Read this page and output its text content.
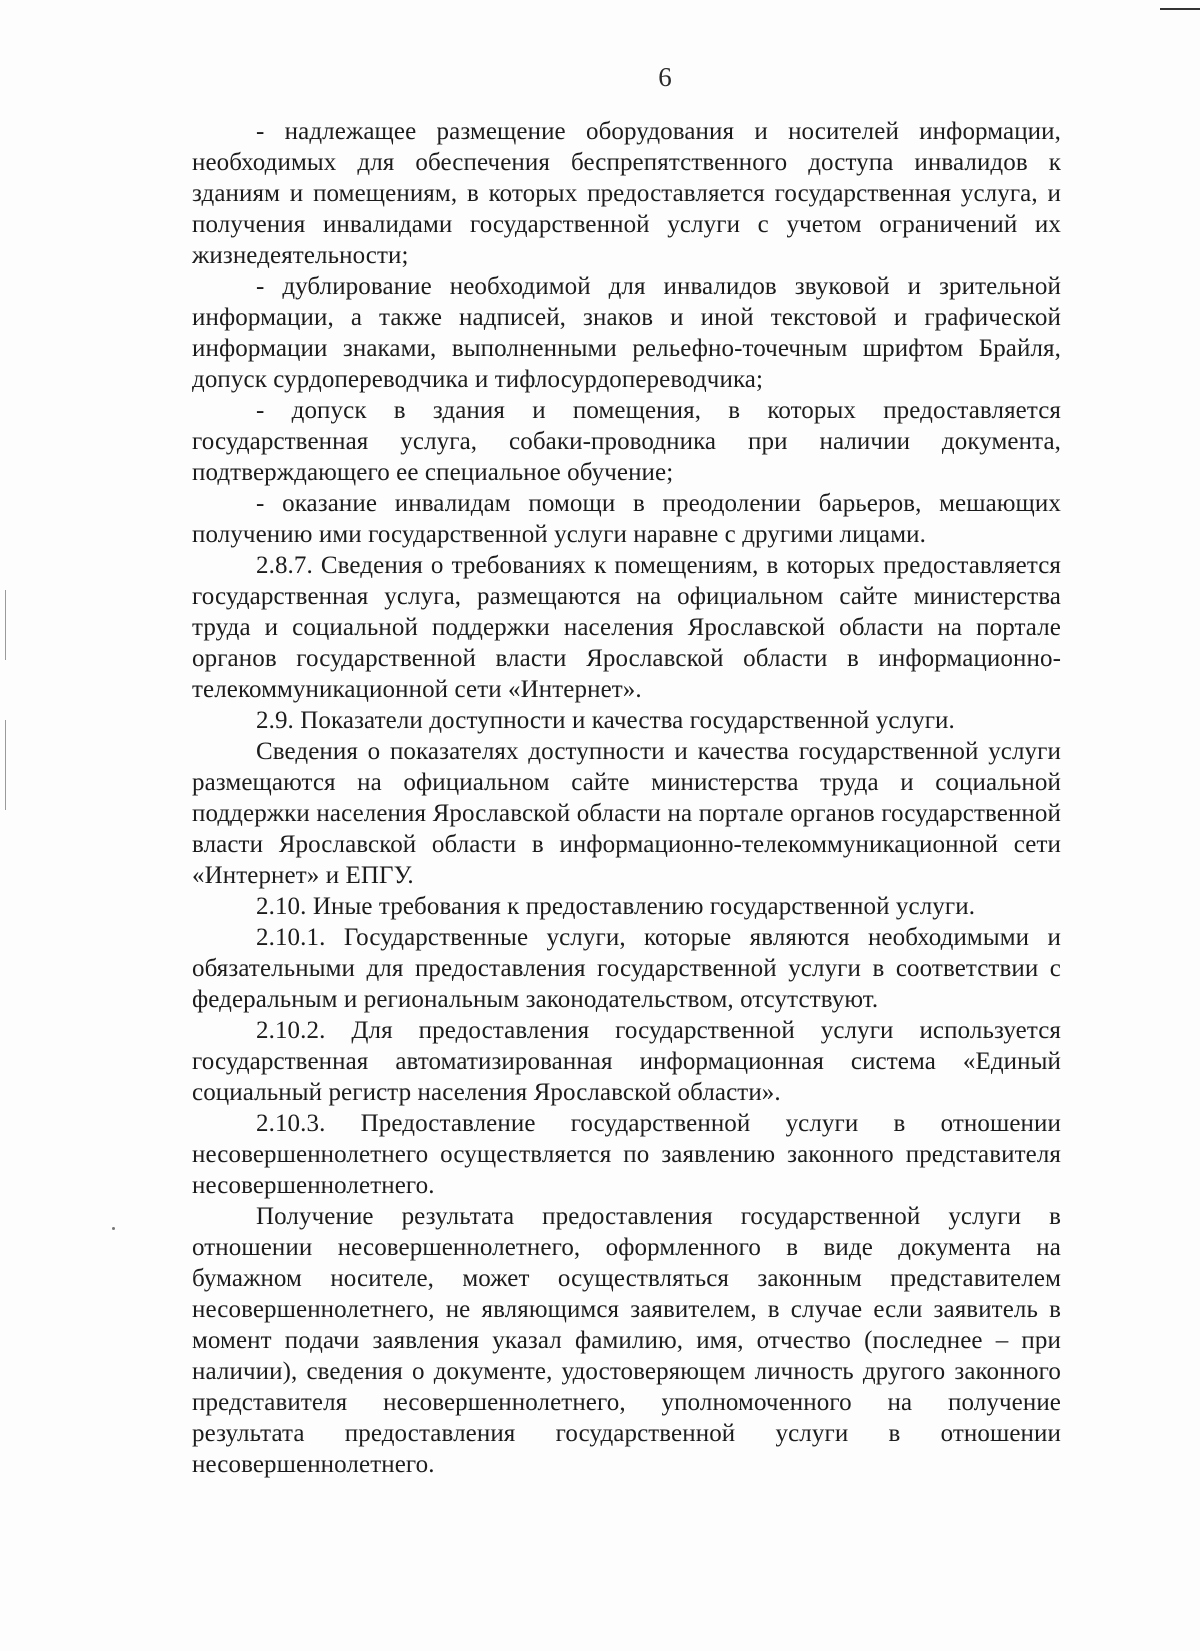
6

- надлежащее размещение оборудования и носителей информации, необходимых для обеспечения беспрепятственного доступа инвалидов к зданиям и помещениям, в которых предоставляется государственная услуга, и получения инвалидами государственной услуги с учетом ограничений их жизнедеятельности;

- дублирование необходимой для инвалидов звуковой и зрительной информации, а также надписей, знаков и иной текстовой и графической информации знаками, выполненными рельефно-точечным шрифтом Брайля, допуск сурдопереводчика и тифлосурдопереводчика;

- допуск в здания и помещения, в которых предоставляется государственная услуга, собаки-проводника при наличии документа, подтверждающего ее специальное обучение;

- оказание инвалидам помощи в преодолении барьеров, мешающих получению ими государственной услуги наравне с другими лицами.

2.8.7. Сведения о требованиях к помещениям, в которых предоставляется государственная услуга, размещаются на официальном сайте министерства труда и социальной поддержки населения Ярославской области на портале органов государственной власти Ярославской области в информационно-телекоммуникационной сети «Интернет».

2.9. Показатели доступности и качества государственной услуги.

Сведения о показателях доступности и качества государственной услуги размещаются на официальном сайте министерства труда и социальной поддержки населения Ярославской области на портале органов государственной власти Ярославской области в информационно-телекоммуникационной сети «Интернет» и ЕПГУ.

2.10. Иные требования к предоставлению государственной услуги.

2.10.1. Государственные услуги, которые являются необходимыми и обязательными для предоставления государственной услуги в соответствии с федеральным и региональным законодательством, отсутствуют.

2.10.2. Для предоставления государственной услуги используется государственная автоматизированная информационная система «Единый социальный регистр населения Ярославской области».

2.10.3. Предоставление государственной услуги в отношении несовершеннолетнего осуществляется по заявлению законного представителя несовершеннолетнего.

Получение результата предоставления государственной услуги в отношении несовершеннолетнего, оформленного в виде документа на бумажном носителе, может осуществляться законным представителем несовершеннолетнего, не являющимся заявителем, в случае если заявитель в момент подачи заявления указал фамилию, имя, отчество (последнее – при наличии), сведения о документе, удостоверяющем личность другого законного представителя несовершеннолетнего, уполномоченного на получение результата предоставления государственной услуги в отношении несовершеннолетнего.
